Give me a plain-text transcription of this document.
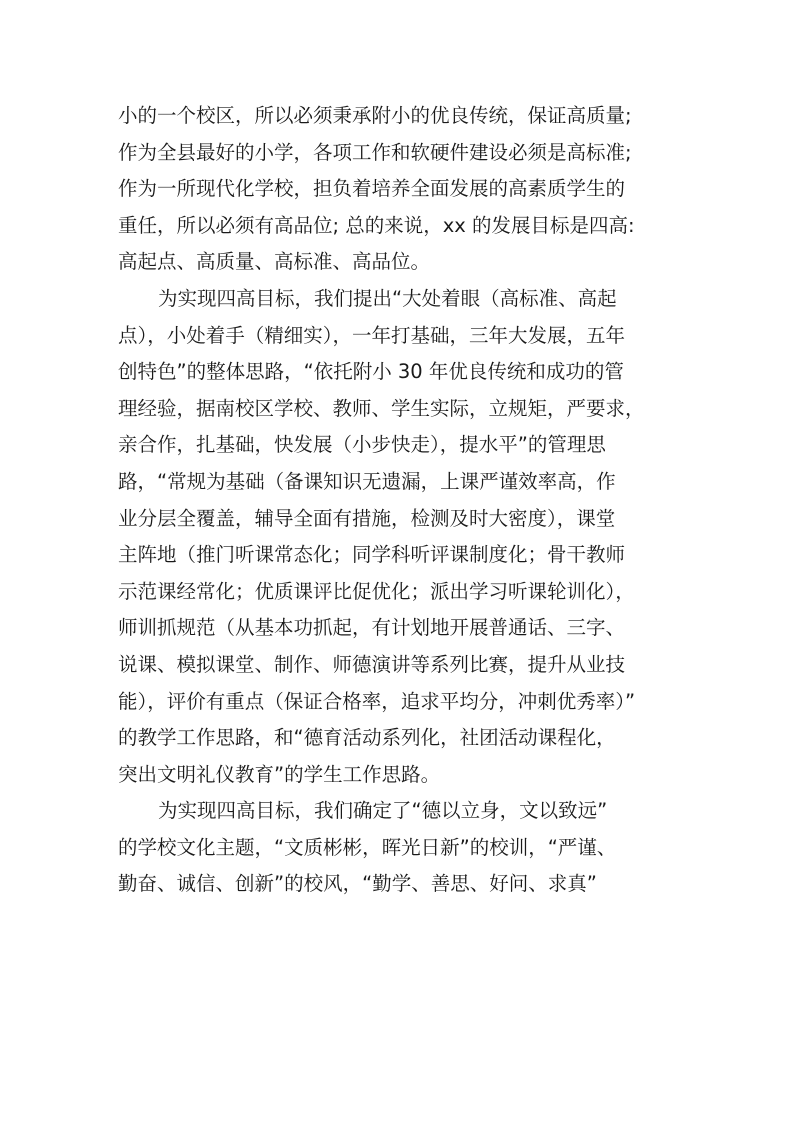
小的一个校区，所以必须秉承附小的优良传统，保证高质量;

作为全县最好的小学，各项工作和软硬件建设必须是高标准;

作为一所现代化学校，担负着培养全面发展的高素质学生的

重任，所以必须有高品位; 总的来说，xx 的发展目标是四高:

高起点、高质量、高标准、高品位。

为实现四高目标，我们提出“大处着眼（高标准、高起

点），小处着手（精细实），一年打基础，三年大发展，五年

创特色”的整体思路，“依托附小 30 年优良传统和成功的管

理经验，据南校区学校、教师、学生实际，立规矩，严要求，

亲合作，扎基础，快发展（小步快走），提水平”的管理思

路，“常规为基础（备课知识无遗漏，上课严谨效率高，作

业分层全覆盖，辅导全面有措施，检测及时大密度），课堂

主阵地（推门听课常态化；同学科听评课制度化；骨干教师

示范课经常化；优质课评比促优化；派出学习听课轮训化），

师训抓规范（从基本功抓起，有计划地开展普通话、三字、

说课、模拟课堂、制作、师德演讲等系列比赛，提升从业技

能），评价有重点（保证合格率，追求平均分，冲刺优秀率）”

的教学工作思路，和“德育活动系列化，社团活动课程化，

突出文明礼仪教育”的学生工作思路。

为实现四高目标，我们确定了“德以立身，文以致远”

的学校文化主题，“文质彬彬，晖光日新”的校训，“严谨、

勤奋、诚信、创新”的校风，“勤学、善思、好问、求真”
